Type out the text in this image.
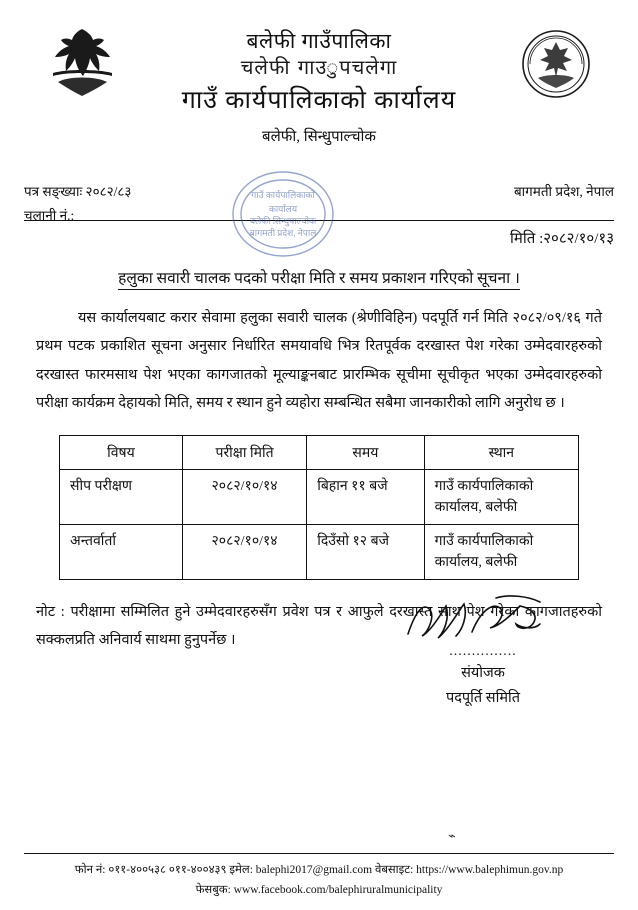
बलेफी गाउँपालिका
चलेफी गाउुपचलेगा
गाउँ कार्यपालिकाको कार्यालय
बलेफी, सिन्धुपाल्चोक
पत्र सङ्ख्याः २०८२/८३
चलानी नं.:
बागमती प्रदेश, नेपाल
मिति :२०८२/१०/१३
गाउँ कार्यपालिकाको
कार्यालय
बलेफी सिन्धुपाल्चोक
बागमती प्रदेश, नेपाल
हलुका सवारी चालक पदको परीक्षा मिति र समय प्रकाशन गरिएको सूचना ।

यस कार्यालयबाट करार सेवामा हलुका सवारी चालक (श्रेणीविहिन) पदपूर्ति गर्न मिति २०८२/०९/१६ गते प्रथम पटक प्रकाशित सूचना अनुसार निर्धारित समयावधि भित्र रितपूर्वक दरखास्त पेश गरेका उम्मेदवारहरुको दरखास्त फारमसाथ पेश भएका कागजातको मूल्याङ्कनबाट प्रारम्भिक सूचीमा सूचीकृत भएका उम्मेदवारहरुको परीक्षा कार्यक्रम देहायको मिति, समय र स्थान हुने व्यहोरा सम्बन्धित सबैमा जानकारीको लागि अनुरोध छ ।

विषय	परीक्षा मिति	समय	स्थान
सीप परीक्षण	२०८२/१०/१४	बिहान ११ बजे	गाउँ कार्यपालिकाको कार्यालय, बलेफी
अन्तर्वार्ता	२०८२/१०/१४	दिउँसो १२ बजे	गाउँ कार्यपालिकाको कार्यालय, बलेफी

नोट : परीक्षामा सम्मिलित हुने उम्मेदवारहरुसँग प्रवेश पत्र र आफुले दरखास्त साथ पेश गरेका कागजातहरुको सक्कलप्रति अनिवार्य साथमा हुनुपर्नेछ ।

...............
संयोजक
पदपूर्ति समिति
⌁
फोन नं: ०११-४००५३८ ०११-४००४३९ इमेल: balephi2017@gmail.com वेबसाइट: https://www.balephimun.gov.np
फेसबुक: www.facebook.com/balephiruralmunicipality
